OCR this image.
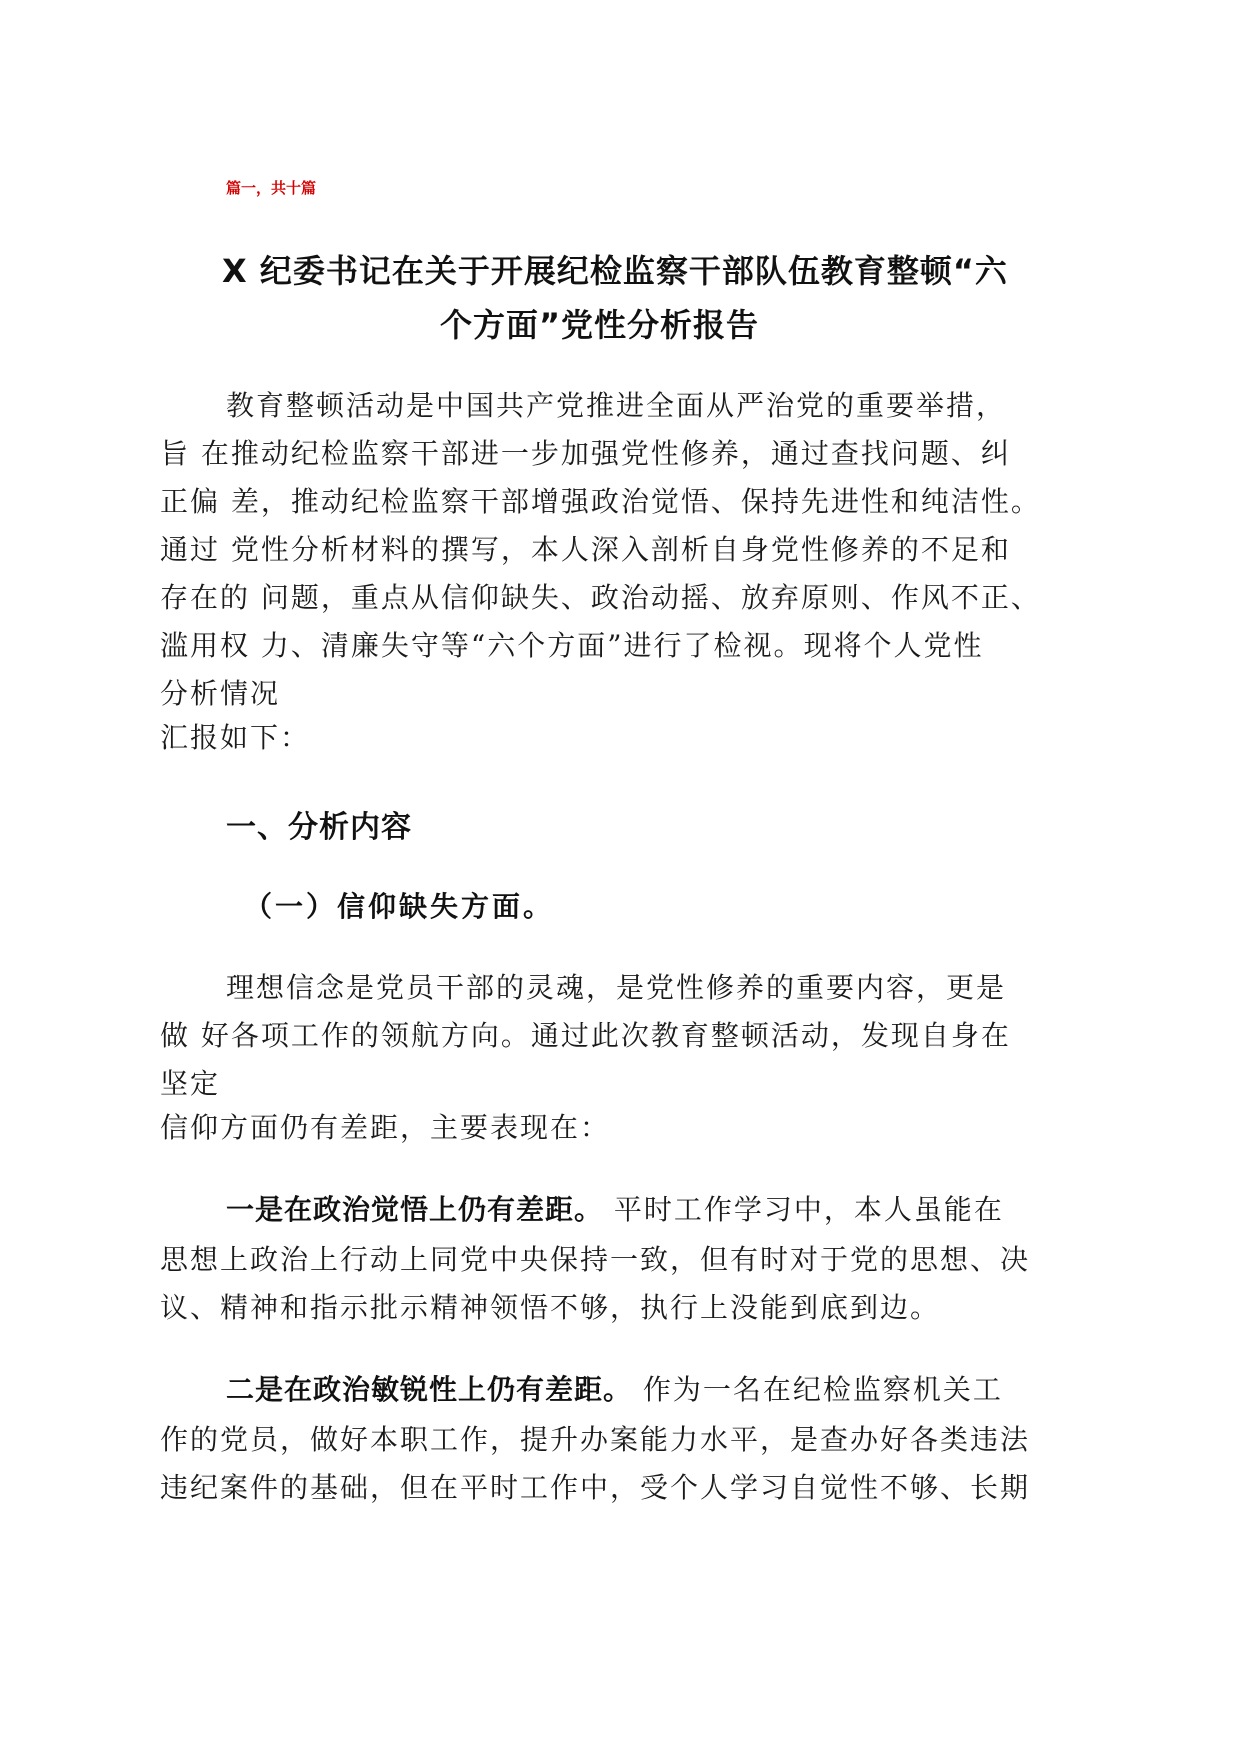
篇一，共十篇
X 纪委书记在关于开展纪检监察干部队伍教育整顿“六
个方面”党性分析报告
教育整顿活动是中国共产党推进全面从严治党的重要举措，
旨 在推动纪检监察干部进一步加强党性修养，通过查找问题、纠
正偏 差，推动纪检监察干部增强政治觉悟、保持先进性和纯洁性。
通过 党性分析材料的撰写，本人深入剖析自身党性修养的不足和
存在的 问题，重点从信仰缺失、政治动摇、放弃原则、作风不正、
滥用权 力、清廉失守等“六个方面”进行了检视。现将个人党性
分析情况
汇报如下：
一、分析内容
（一）信仰缺失方面。
理想信念是党员干部的灵魂，是党性修养的重要内容，更是
做 好各项工作的领航方向。通过此次教育整顿活动，发现自身在
坚定
信仰方面仍有差距，主要表现在：
一是在政治觉悟上仍有差距。 平时工作学习中，本人虽能在
思想上政治上行动上同党中央保持一致，但有时对于党的思想、决
议、精神和指示批示精神领悟不够，执行上没能到底到边。
二是在政治敏锐性上仍有差距。 作为一名在纪检监察机关工
作的党员，做好本职工作，提升办案能力水平，是查办好各类违法
违纪案件的基础，但在平时工作中，受个人学习自觉性不够、长期
